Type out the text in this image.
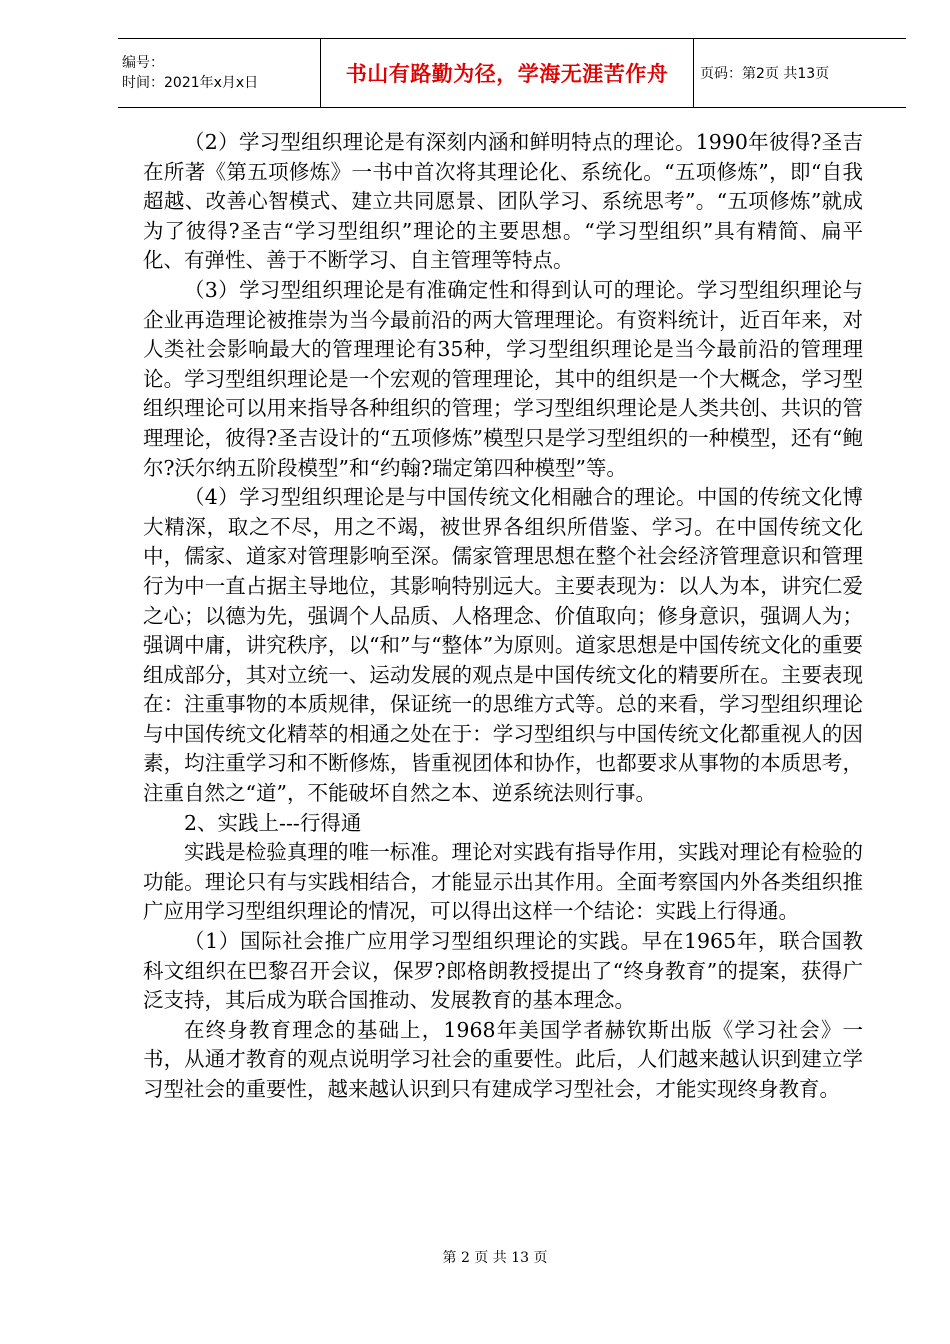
编号：
时间：2021年x月x日	书山有路勤为径，学海无涯苦作舟	页码：第2页 共13页

（2）学习型组织理论是有深刻内涵和鲜明特点的理论。1990年彼得?圣吉在所著《第五项修炼》一书中首次将其理论化、系统化。“五项修炼”，即“自我超越、改善心智模式、建立共同愿景、团队学习、系统思考”。“五项修炼”就成为了彼得?圣吉“学习型组织”理论的主要思想。“学习型组织”具有精简、扁平化、有弹性、善于不断学习、自主管理等特点。

（3）学习型组织理论是有准确定性和得到认可的理论。学习型组织理论与企业再造理论被推崇为当今最前沿的两大管理理论。有资料统计，近百年来，对人类社会影响最大的管理理论有35种，学习型组织理论是当今最前沿的管理理论。学习型组织理论是一个宏观的管理理论，其中的组织是一个大概念，学习型组织理论可以用来指导各种组织的管理；学习型组织理论是人类共创、共识的管理理论，彼得?圣吉设计的“五项修炼”模型只是学习型组织的一种模型，还有“鲍尔?沃尔纳五阶段模型”和“约翰?瑞定第四种模型”等。

（4）学习型组织理论是与中国传统文化相融合的理论。中国的传统文化博大精深，取之不尽，用之不竭，被世界各组织所借鉴、学习。在中国传统文化中，儒家、道家对管理影响至深。儒家管理思想在整个社会经济管理意识和管理行为中一直占据主导地位，其影响特别远大。主要表现为：以人为本，讲究仁爱之心；以德为先，强调个人品质、人格理念、价值取向；修身意识，强调人为；强调中庸，讲究秩序，以“和”与“整体”为原则。道家思想是中国传统文化的重要组成部分，其对立统一、运动发展的观点是中国传统文化的精要所在。主要表现在：注重事物的本质规律，保证统一的思维方式等。总的来看，学习型组织理论与中国传统文化精萃的相通之处在于：学习型组织与中国传统文化都重视人的因素，均注重学习和不断修炼，皆重视团体和协作，也都要求从事物的本质思考，注重自然之“道”，不能破坏自然之本、逆系统法则行事。

2、实践上---行得通

实践是检验真理的唯一标准。理论对实践有指导作用，实践对理论有检验的功能。理论只有与实践相结合，才能显示出其作用。全面考察国内外各类组织推广应用学习型组织理论的情况，可以得出这样一个结论：实践上行得通。

（1）国际社会推广应用学习型组织理论的实践。早在1965年，联合国教科文组织在巴黎召开会议，保罗?郎格朗教授提出了“终身教育”的提案，获得广泛支持，其后成为联合国推动、发展教育的基本理念。

在终身教育理念的基础上，1968年美国学者赫钦斯出版《学习社会》一书，从通才教育的观点说明学习社会的重要性。此后，人们越来越认识到建立学习型社会的重要性，越来越认识到只有建成学习型社会，才能实现终身教育。

第 2 页 共 13 页
